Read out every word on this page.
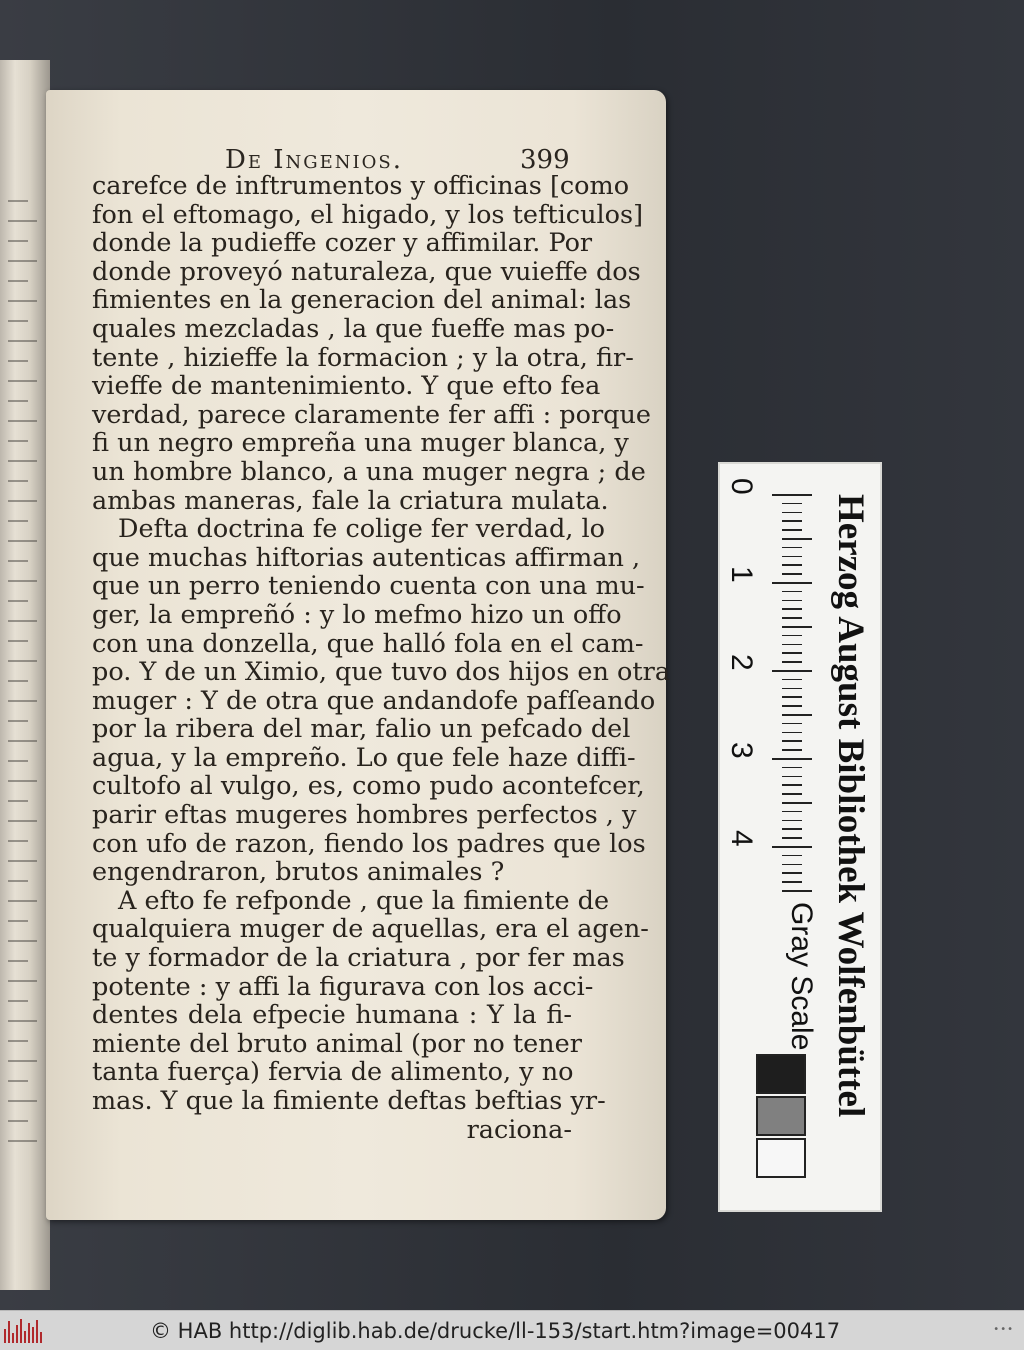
De Ingenios.	399
carefce de inftrumentos y officinas [como
fon el eftomago, el higado, y los tefticulos]
donde la pudieffe cozer y affimilar. Por
donde proveyó naturaleza, que vuieffe dos
fimientes en la generacion del animal: las
quales mezcladas , la que fueffe mas po-
tente , hizieffe la formacion ; y la otra, fir-
vieffe de mantenimiento. Y que efto fea
verdad, parece claramente fer affi : porque
fi un negro empreña una muger blanca, y
un hombre blanco, a una muger negra ; de
ambas maneras, fale la criatura mulata.
Defta doctrina fe colige fer verdad, lo
que muchas hiftorias autenticas affirman ,
que un perro teniendo cuenta con una mu-
ger, la empreñó : y lo mefmo hizo un offo
con una donzella, que halló fola en el cam-
po. Y de un Ximio, que tuvo dos hijos en otra
muger : Y de otra que andandofe pafſeando
por la ribera del mar, falio un pefcado del
agua, y la empreño. Lo que fele haze diffi-
cultofo al vulgo, es, como pudo acontefcer,
parir eftas mugeres hombres perfectos , y
con ufo de razon, fiendo los padres que los
engendraron, brutos animales ?
A efto fe refponde , que la fimiente de
qualquiera muger de aquellas, era el agen-
te y formador de la criatura , por fer mas
potente : y affi la figurava con los acci-
dentes dela efpecie humana : Y la fi-
miente del bruto animal (por no tener
tanta fuerça) fervia de alimento, y no
mas. Y que la fimiente deftas beftias yr-
raciona-
Herzog August Bibliothek Wolfenbüttel
0
1
2
3
4
Gray Scale
© HAB http://diglib.hab.de/drucke/ll-153/start.htm?image=00417	•••
